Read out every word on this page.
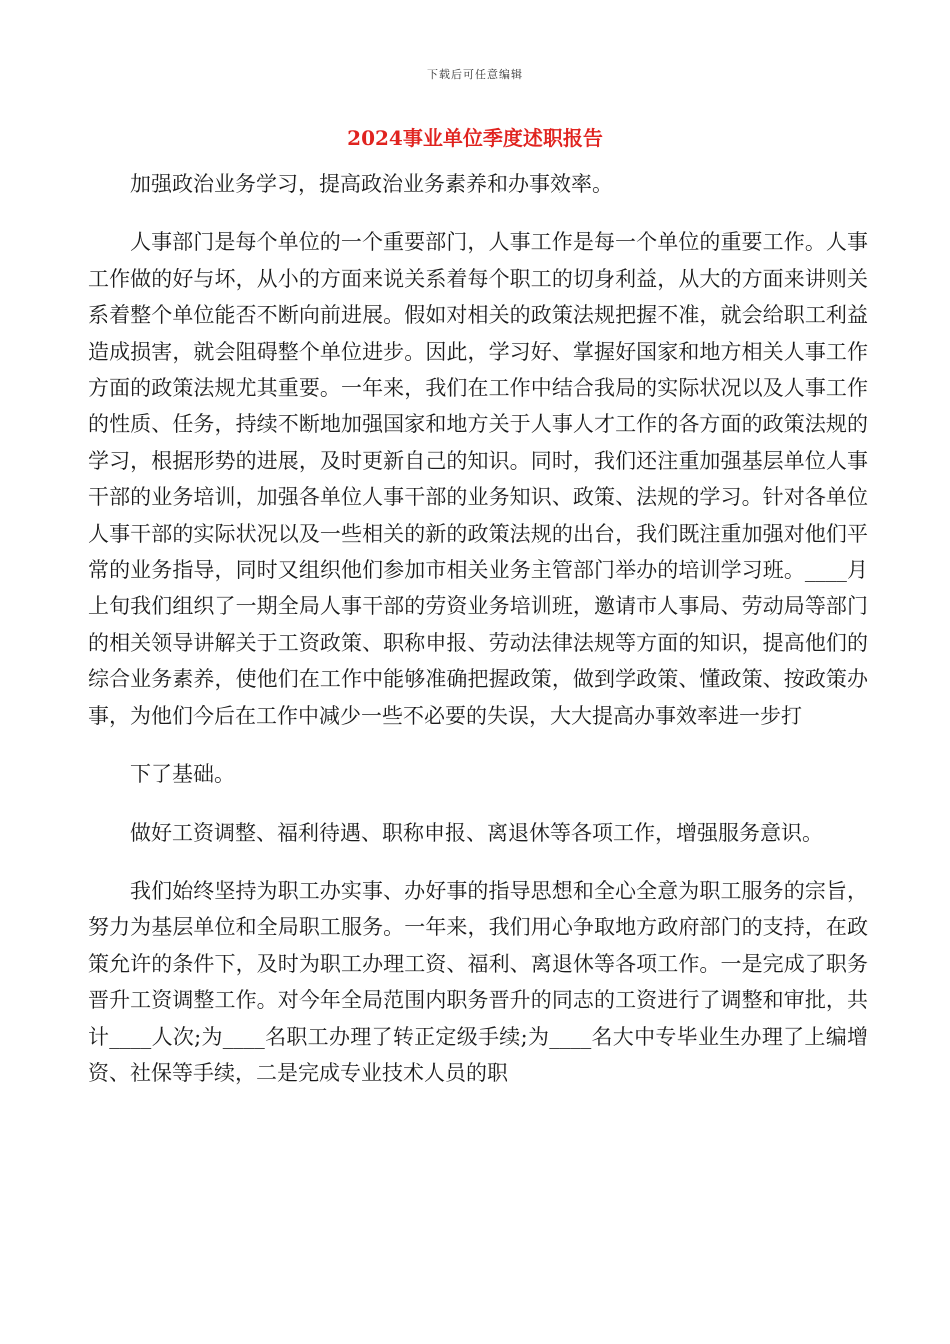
下载后可任意编辑
2024事业单位季度述职报告

加强政治业务学习，提高政治业务素养和办事效率。

人事部门是每个单位的一个重要部门，人事工作是每一个单位的重要工作。人事工作做的好与坏，从小的方面来说关系着每个职工的切身利益，从大的方面来讲则关系着整个单位能否不断向前进展。假如对相关的政策法规把握不准，就会给职工利益造成损害，就会阻碍整个单位进步。因此，学习好、掌握好国家和地方相关人事工作方面的政策法规尤其重要。一年来，我们在工作中结合我局的实际状况以及人事工作的性质、任务，持续不断地加强国家和地方关于人事人才工作的各方面的政策法规的学习，根据形势的进展，及时更新自己的知识。同时，我们还注重加强基层单位人事干部的业务培训，加强各单位人事干部的业务知识、政策、法规的学习。针对各单位人事干部的实际状况以及一些相关的新的政策法规的出台，我们既注重加强对他们平常的业务指导，同时又组织他们参加市相关业务主管部门举办的培训学习班。____月上旬我们组织了一期全局人事干部的劳资业务培训班，邀请市人事局、劳动局等部门的相关领导讲解关于工资政策、职称申报、劳动法律法规等方面的知识，提高他们的综合业务素养，使他们在工作中能够准确把握政策，做到学政策、懂政策、按政策办事，为他们今后在工作中减少一些不必要的失误，大大提高办事效率进一步打

下了基础。

做好工资调整、福利待遇、职称申报、离退休等各项工作，增强服务意识。

我们始终坚持为职工办实事、办好事的指导思想和全心全意为职工服务的宗旨，努力为基层单位和全局职工服务。一年来，我们用心争取地方政府部门的支持，在政策允许的条件下，及时为职工办理工资、福利、离退休等各项工作。一是完成了职务晋升工资调整工作。对今年全局范围内职务晋升的同志的工资进行了调整和审批，共计____人次;为____名职工办理了转正定级手续;为____名大中专毕业生办理了上编增资、社保等手续，二是完成专业技术人员的职
